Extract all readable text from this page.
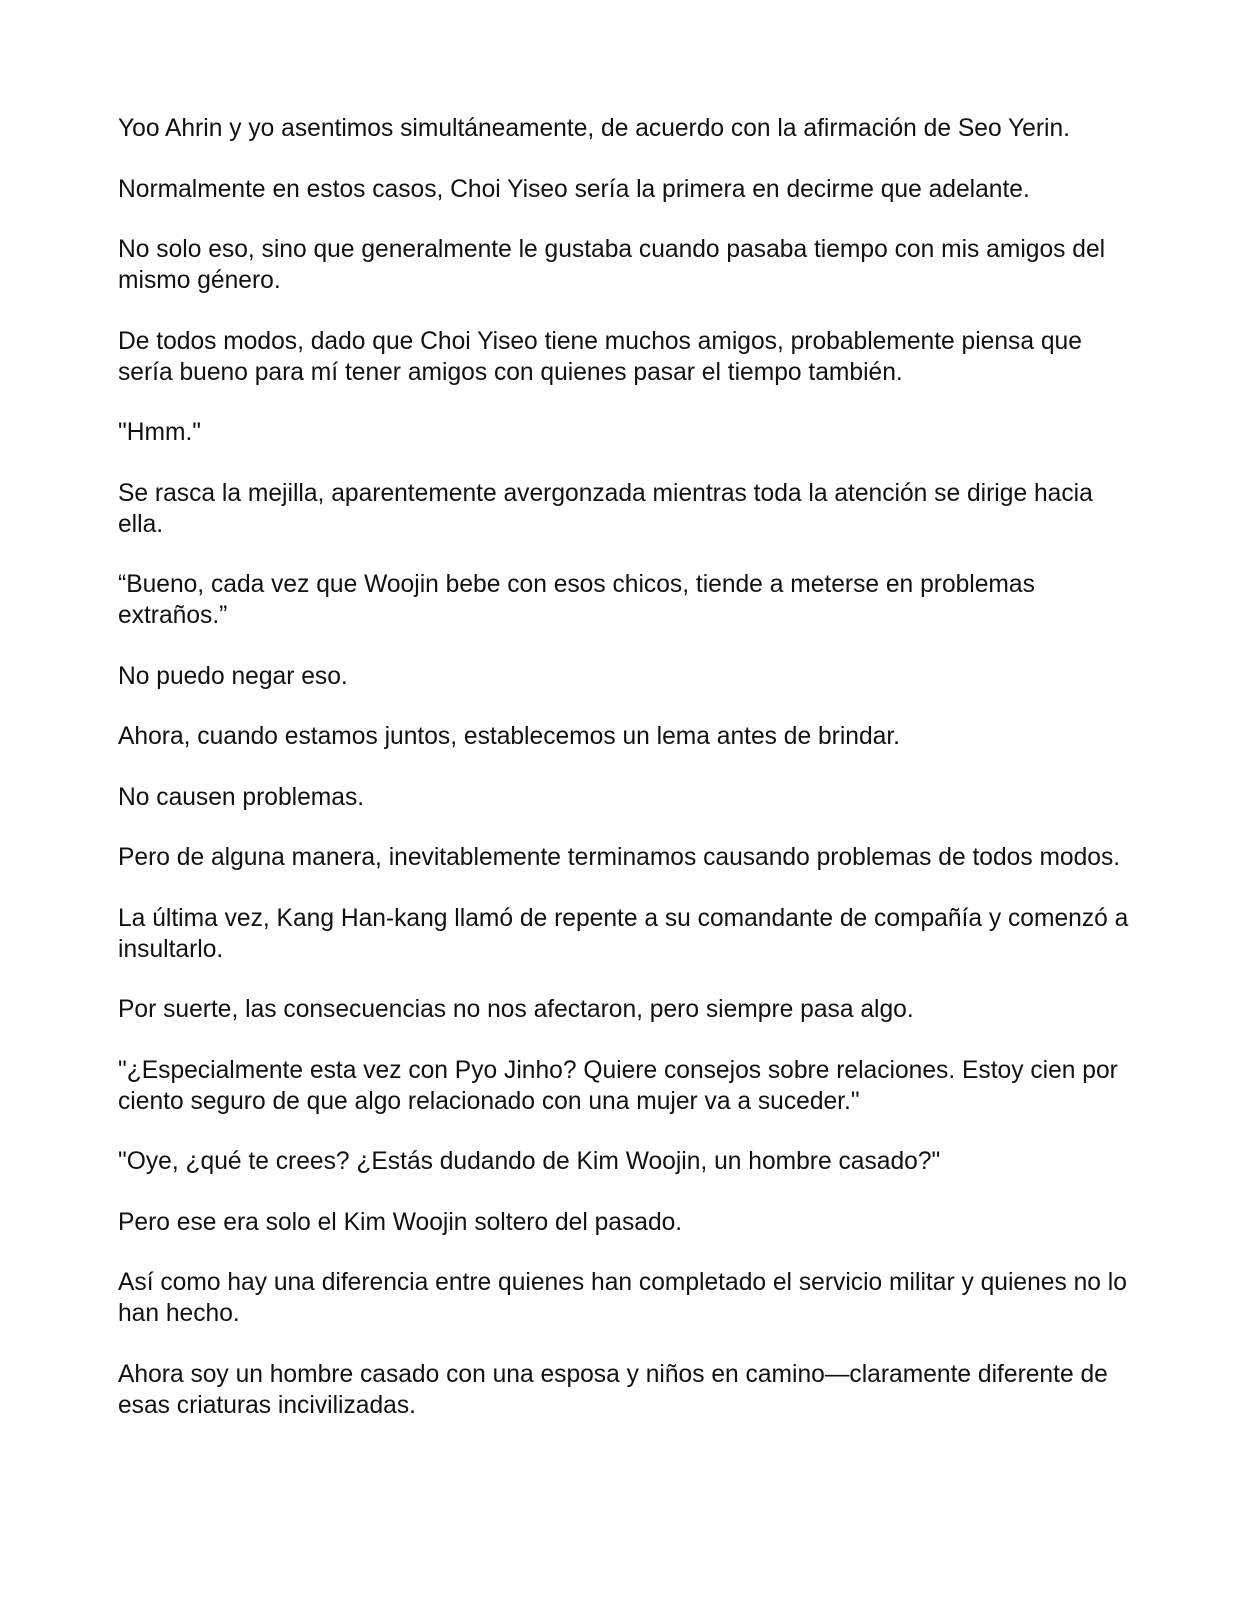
Yoo Ahrin y yo asentimos simultáneamente, de acuerdo con la afirmación de Seo Yerin.

Normalmente en estos casos, Choi Yiseo sería la primera en decirme que adelante.

No solo eso, sino que generalmente le gustaba cuando pasaba tiempo con mis amigos del mismo género.

De todos modos, dado que Choi Yiseo tiene muchos amigos, probablemente piensa que sería bueno para mí tener amigos con quienes pasar el tiempo también.

"Hmm."

Se rasca la mejilla, aparentemente avergonzada mientras toda la atención se dirige hacia ella.

“Bueno, cada vez que Woojin bebe con esos chicos, tiende a meterse en problemas extraños.”

No puedo negar eso.

Ahora, cuando estamos juntos, establecemos un lema antes de brindar.

No causen problemas.

Pero de alguna manera, inevitablemente terminamos causando problemas de todos modos.

La última vez, Kang Han-kang llamó de repente a su comandante de compañía y comenzó a insultarlo.

Por suerte, las consecuencias no nos afectaron, pero siempre pasa algo.

"¿Especialmente esta vez con Pyo Jinho? Quiere consejos sobre relaciones. Estoy cien por ciento seguro de que algo relacionado con una mujer va a suceder."

"Oye, ¿qué te crees? ¿Estás dudando de Kim Woojin, un hombre casado?"

Pero ese era solo el Kim Woojin soltero del pasado.

Así como hay una diferencia entre quienes han completado el servicio militar y quienes no lo han hecho.

Ahora soy un hombre casado con una esposa y niños en camino—claramente diferente de esas criaturas incivilizadas.
